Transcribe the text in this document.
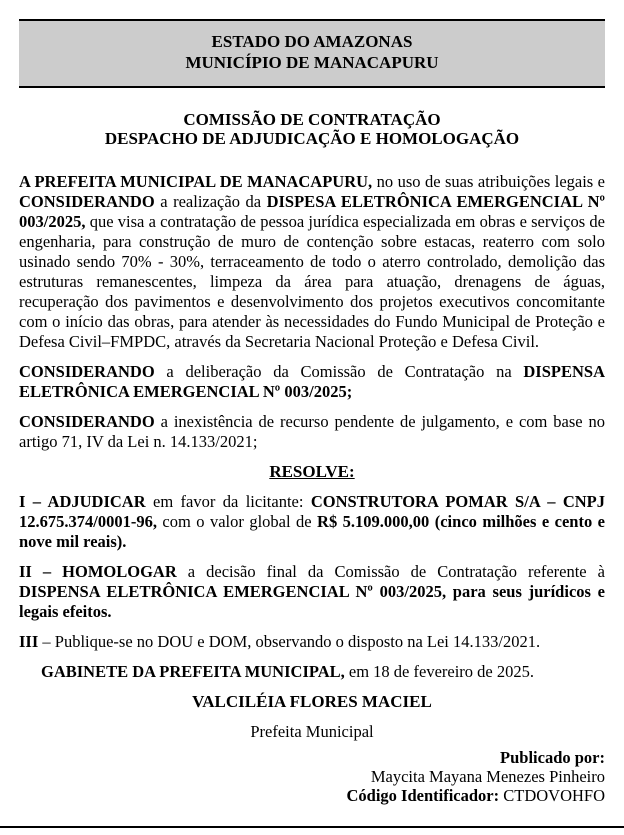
ESTADO DO AMAZONAS
MUNICÍPIO DE MANACAPURU
COMISSÃO DE CONTRATAÇÃO
DESPACHO DE ADJUDICAÇÃO E HOMOLOGAÇÃO
A PREFEITA MUNICIPAL DE MANACAPURU, no uso de suas atribuições legais e CONSIDERANDO a realização da DISPESA ELETRÔNICA EMERGENCIAL Nº 003/2025, que visa a contratação de pessoa jurídica especializada em obras e serviços de engenharia, para construção de muro de contenção sobre estacas, reaterro com solo usinado sendo 70% - 30%, terraceamento de todo o aterro controlado, demolição das estruturas remanescentes, limpeza da área para atuação, drenagens de águas, recuperação dos pavimentos e desenvolvimento dos projetos executivos concomitante com o início das obras, para atender às necessidades do Fundo Municipal de Proteção e Defesa Civil–FMPDC, através da Secretaria Nacional Proteção e Defesa Civil.
CONSIDERANDO a deliberação da Comissão de Contratação na DISPENSA ELETRÔNICA EMERGENCIAL Nº 003/2025;
CONSIDERANDO a inexistência de recurso pendente de julgamento, e com base no artigo 71, IV da Lei n. 14.133/2021;
RESOLVE:
I – ADJUDICAR em favor da licitante: CONSTRUTORA POMAR S/A – CNPJ 12.675.374/0001-96, com o valor global de R$ 5.109.000,00 (cinco milhões e cento e nove mil reais).
II – HOMOLOGAR a decisão final da Comissão de Contratação referente à DISPENSA ELETRÔNICA EMERGENCIAL Nº 003/2025, para seus jurídicos e legais efeitos.
III – Publique-se no DOU e DOM, observando o disposto na Lei 14.133/2021.
GABINETE DA PREFEITA MUNICIPAL, em 18 de fevereiro de 2025.
VALCILÉIA FLORES MACIEL
Prefeita Municipal
Publicado por:
Maycita Mayana Menezes Pinheiro
Código Identificador: CTDOVOHFO
